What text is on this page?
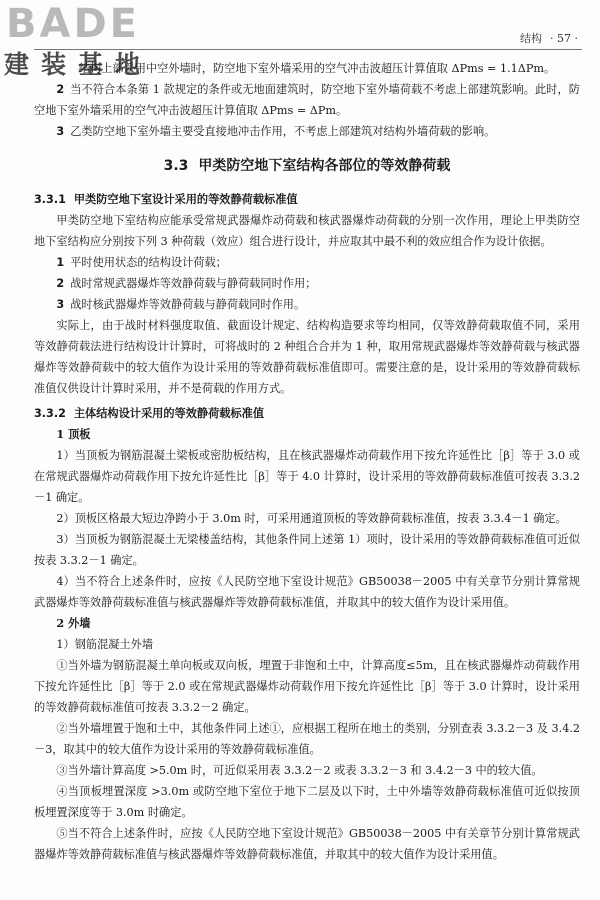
BADE
建装基地
结构 · 57 ·

结构上部采用中空外墙时，防空地下室外墙采用的空气冲击波超压计算值取 ΔPms = 1.1ΔPm。

2 当不符合本条第 1 款规定的条件或无地面建筑时，防空地下室外墙荷载不考虑上部建筑影响。此时，防空地下室外墙采用的空气冲击波超压计算值取 ΔPms = ΔPm。

3 乙类防空地下室外墙主要受直接地冲击作用，不考虑上部建筑对结构外墙荷载的影响。

3.3 甲类防空地下室结构各部位的等效静荷载
3.3.1 甲类防空地下室设计采用的等效静荷载标准值

甲类防空地下室结构应能承受常规武器爆炸动荷载和核武器爆炸动荷载的分别一次作用，理论上甲类防空地下室结构应分别按下列 3 种荷载（效应）组合进行设计，并应取其中最不利的效应组合作为设计依据。

1 平时使用状态的结构设计荷载；

2 战时常规武器爆炸等效静荷载与静荷载同时作用；

3 战时核武器爆炸等效静荷载与静荷载同时作用。

实际上，由于战时材料强度取值、截面设计规定、结构构造要求等均相同，仅等效静荷载取值不同，采用等效静荷载法进行结构设计计算时，可将战时的 2 种组合合并为 1 种，取用常规武器爆炸等效静荷载与核武器爆炸等效静荷载中的较大值作为设计采用的等效静荷载标准值即可。需要注意的是，设计采用的等效静荷载标准值仅供设计计算时采用，并不是荷载的作用方式。

3.3.2 主体结构设计采用的等效静荷载标准值

1 顶板

1）当顶板为钢筋混凝土梁板或密肋板结构，且在核武器爆炸动荷载作用下按允许延性比［β］等于 3.0 或在常规武器爆炸动荷载作用下按允许延性比［β］等于 4.0 计算时，设计采用的等效静荷载标准值可按表 3.3.2－1 确定。

2）顶板区格最大短边净跨小于 3.0m 时，可采用通道顶板的等效静荷载标准值，按表 3.3.4－1 确定。

3）当顶板为钢筋混凝土无梁楼盖结构，其他条件同上述第 1）项时，设计采用的等效静荷载标准值可近似按表 3.3.2－1 确定。

4）当不符合上述条件时，应按《人民防空地下室设计规范》GB50038－2005 中有关章节分别计算常规武器爆炸等效静荷载标准值与核武器爆炸等效静荷载标准值，并取其中的较大值作为设计采用值。

2 外墙

1）钢筋混凝土外墙

①当外墙为钢筋混凝土单向板或双向板，埋置于非饱和土中，计算高度≤5m，且在核武器爆炸动荷载作用下按允许延性比［β］等于 2.0 或在常规武器爆炸动荷载作用下按允许延性比［β］等于 3.0 计算时，设计采用的等效静荷载标准值可按表 3.3.2－2 确定。

②当外墙埋置于饱和土中，其他条件同上述①，应根据工程所在地土的类别，分别查表 3.3.2－3 及 3.4.2－3，取其中的较大值作为设计采用的等效静荷载标准值。

③当外墙计算高度 >5.0m 时，可近似采用表 3.3.2－2 或表 3.3.2－3 和 3.4.2－3 中的较大值。

④当顶板埋置深度 >3.0m 或防空地下室位于地下二层及以下时，土中外墙等效静荷载标准值可近似按顶板埋置深度等于 3.0m 时确定。

⑤当不符合上述条件时，应按《人民防空地下室设计规范》GB50038－2005 中有关章节分别计算常规武器爆炸等效静荷载标准值与核武器爆炸等效静荷载标准值，并取其中的较大值作为设计采用值。
